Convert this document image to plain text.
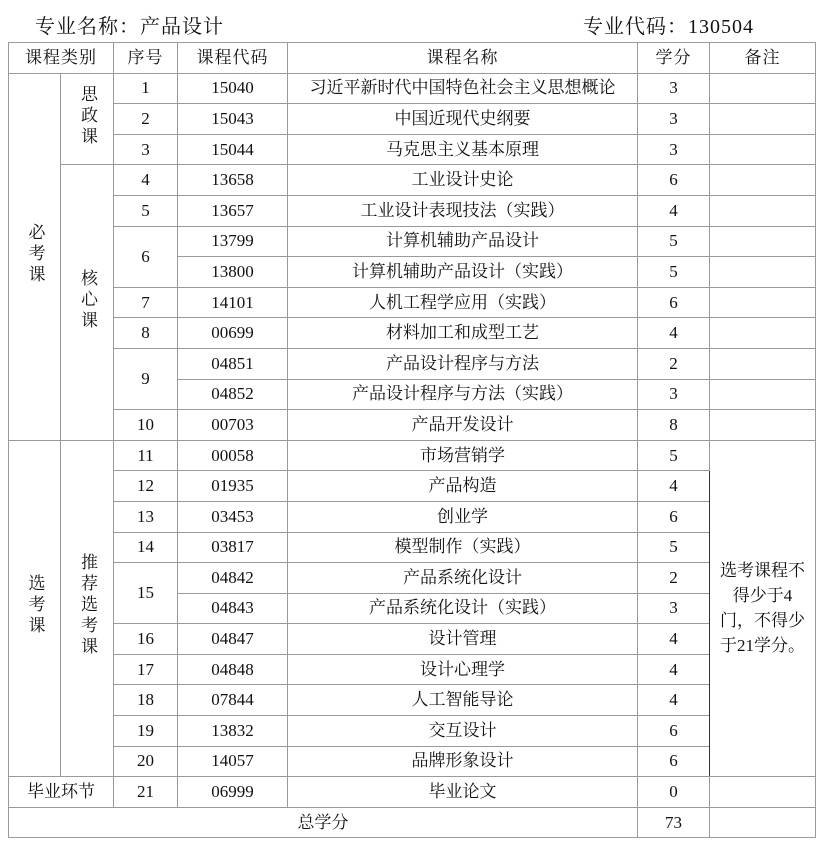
专业名称：产品设计	专业代码：130504
课程类别		序号	课程代码	课程名称	学分	备注
必考课	思政课	1	15040	习近平新时代中国特色社会主义思想概论	3	
		2	15043	中国近现代史纲要	3	
		3	15044	马克思主义基本原理	3	
	核心课	4	13658	工业设计史论	6	
		5	13657	工业设计表现技法（实践）	4	
		6	13799	计算机辅助产品设计	5	
			13800	计算机辅助产品设计（实践）	5	
		7	14101	人机工程学应用（实践）	6	
		8	00699	材料加工和成型工艺	4	
		9	04851	产品设计程序与方法	2	
			04852	产品设计程序与方法（实践）	3	
		10	00703	产品开发设计	8	
选考课	推荐选考课	11	00058	市场营销学	5	选考课程不得少于4门，不得少于21学分。
		12	01935	产品构造	4	
		13	03453	创业学	6	
		14	03817	模型制作（实践）	5	
		15	04842	产品系统化设计	2	
			04843	产品系统化设计（实践）	3	
		16	04847	设计管理	4	
		17	04848	设计心理学	4	
		18	07844	人工智能导论	4	
		19	13832	交互设计	6	
		20	14057	品牌形象设计	6	
毕业环节		21	06999	毕业论文	0	
总学分					73	
